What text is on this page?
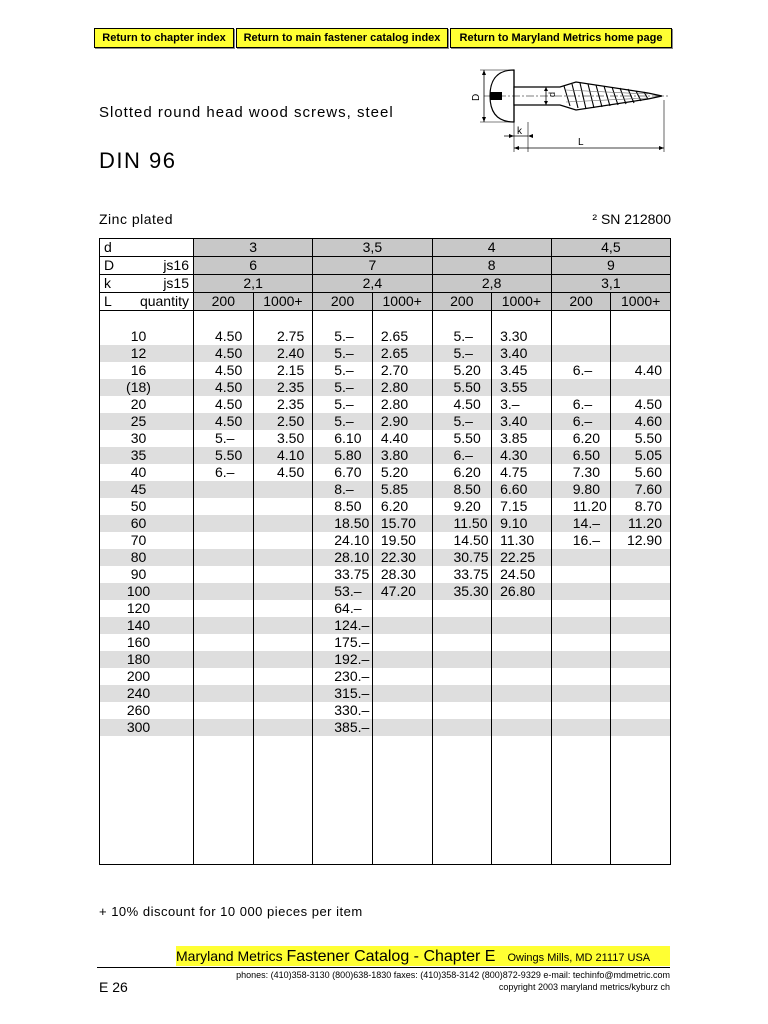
Return to chapter index	Return to main fastener catalog index	Return to Maryland Metrics home page
Slotted round head wood screws, steel
DIN 96
D	d
k
L
Zinc plated	² SN 212800
d	3		3,5		4		4,5	
D js16	6		7		8		9	
k js15	2,1		2,4		2,8		3,1	
L quantity	200	1000+	200	1000+	200	1000+	200	1000+

10	4.50	2.75	5.–	2.65	5.–	3.30		
12	4.50	2.40	5.–	2.65	5.–	3.40		
16	4.50	2.15	5.–	2.70	5.20	3.45	6.–	4.40
(18)	4.50	2.35	5.–	2.80	5.50	3.55		
20	4.50	2.35	5.–	2.80	4.50	3.–	6.–	4.50
25	4.50	2.50	5.–	2.90	5.–	3.40	6.–	4.60
30	5.–	3.50	6.10	4.40	5.50	3.85	6.20	5.50
35	5.50	4.10	5.80	3.80	6.–	4.30	6.50	5.05
40	6.–	4.50	6.70	5.20	6.20	4.75	7.30	5.60
45			8.–	5.85	8.50	6.60	9.80	7.60
50			8.50	6.20	9.20	7.15	11.20	8.70
60			18.50	15.70	11.50	9.10	14.–	11.20
70			24.10	19.50	14.50	11.30	16.–	12.90
80			28.10	22.30	30.75	22.25		
90			33.75	28.30	33.75	24.50		
100			53.–	47.20	35.30	26.80		
120			64.–					
140			124.–					
160			175.–					
180			192.–					
200			230.–					
240			315.–					
260			330.–					
300			385.–					

+ 10% discount for 10 000 pieces per item
Maryland Metrics Fastener Catalog - Chapter E Owings Mills, MD 21117 USA
phones: (410)358-3130 (800)638-1830 faxes: (410)358-3142 (800)872-9329 e-mail: techinfo@mdmetric.com
copyright 2003 maryland metrics/kyburz ch
E 26
